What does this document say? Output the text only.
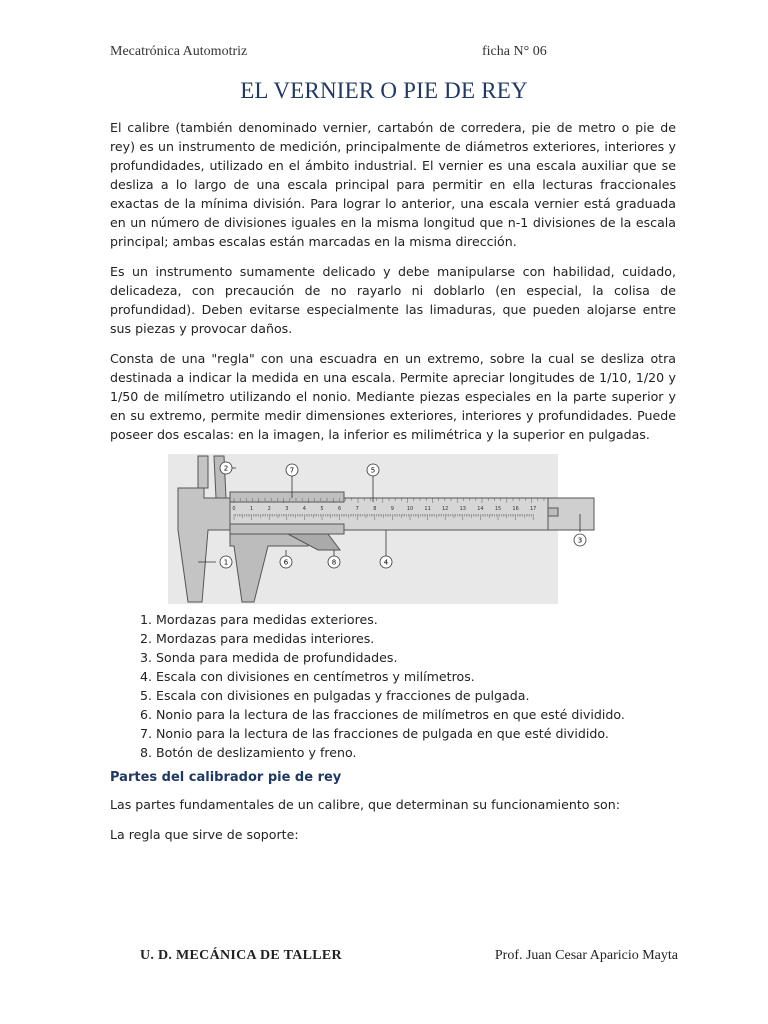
Mecatrónica Automotriz	ficha N° 06
EL VERNIER O PIE DE REY

El calibre (también denominado vernier, cartabón de corredera, pie de metro o pie de rey) es un instrumento de medición, principalmente de diámetros exteriores, interiores y profundidades, utilizado en el ámbito industrial. El vernier es una escala auxiliar que se desliza a lo largo de una escala principal para permitir en ella lecturas fraccionales exactas de la mínima división. Para lograr lo anterior, una escala vernier está graduada en un número de divisiones iguales en la misma longitud que n-1 divisiones de la escala principal; ambas escalas están marcadas en la misma dirección.

Es un instrumento sumamente delicado y debe manipularse con habilidad, cuidado, delicadeza, con precaución de no rayarlo ni doblarlo (en especial, la colisa de profundidad). Deben evitarse especialmente las limaduras, que pueden alojarse entre sus piezas y provocar daños.

Consta de una "regla" con una escuadra en un extremo, sobre la cual se desliza otra destinada a indicar la medida en una escala. Permite apreciar longitudes de 1/10, 1/20 y 1/50 de milímetro utilizando el nonio. Mediante piezas especiales en la parte superior y en su extremo, permite medir dimensiones exteriores, interiores y profundidades. Puede poseer dos escalas: en la imagen, la inferior es milimétrica y la superior en pulgadas.

0	1	2	3	4	5	6	7	8	9	10 11 12 13 14 15 16 17
2	7	5
3
1	6	8	4
1. Mordazas para medidas exteriores.
2. Mordazas para medidas interiores.
3. Sonda para medida de profundidades.
4. Escala con divisiones en centímetros y milímetros.
5. Escala con divisiones en pulgadas y fracciones de pulgada.
6. Nonio para la lectura de las fracciones de milímetros en que esté dividido.
7. Nonio para la lectura de las fracciones de pulgada en que esté dividido.
8. Botón de deslizamiento y freno.
Partes del calibrador pie de rey

Las partes fundamentales de un calibre, que determinan su funcionamiento son:

La regla que sirve de soporte:

U. D. MECÁNICA DE TALLER	Prof. Juan Cesar Aparicio Mayta
